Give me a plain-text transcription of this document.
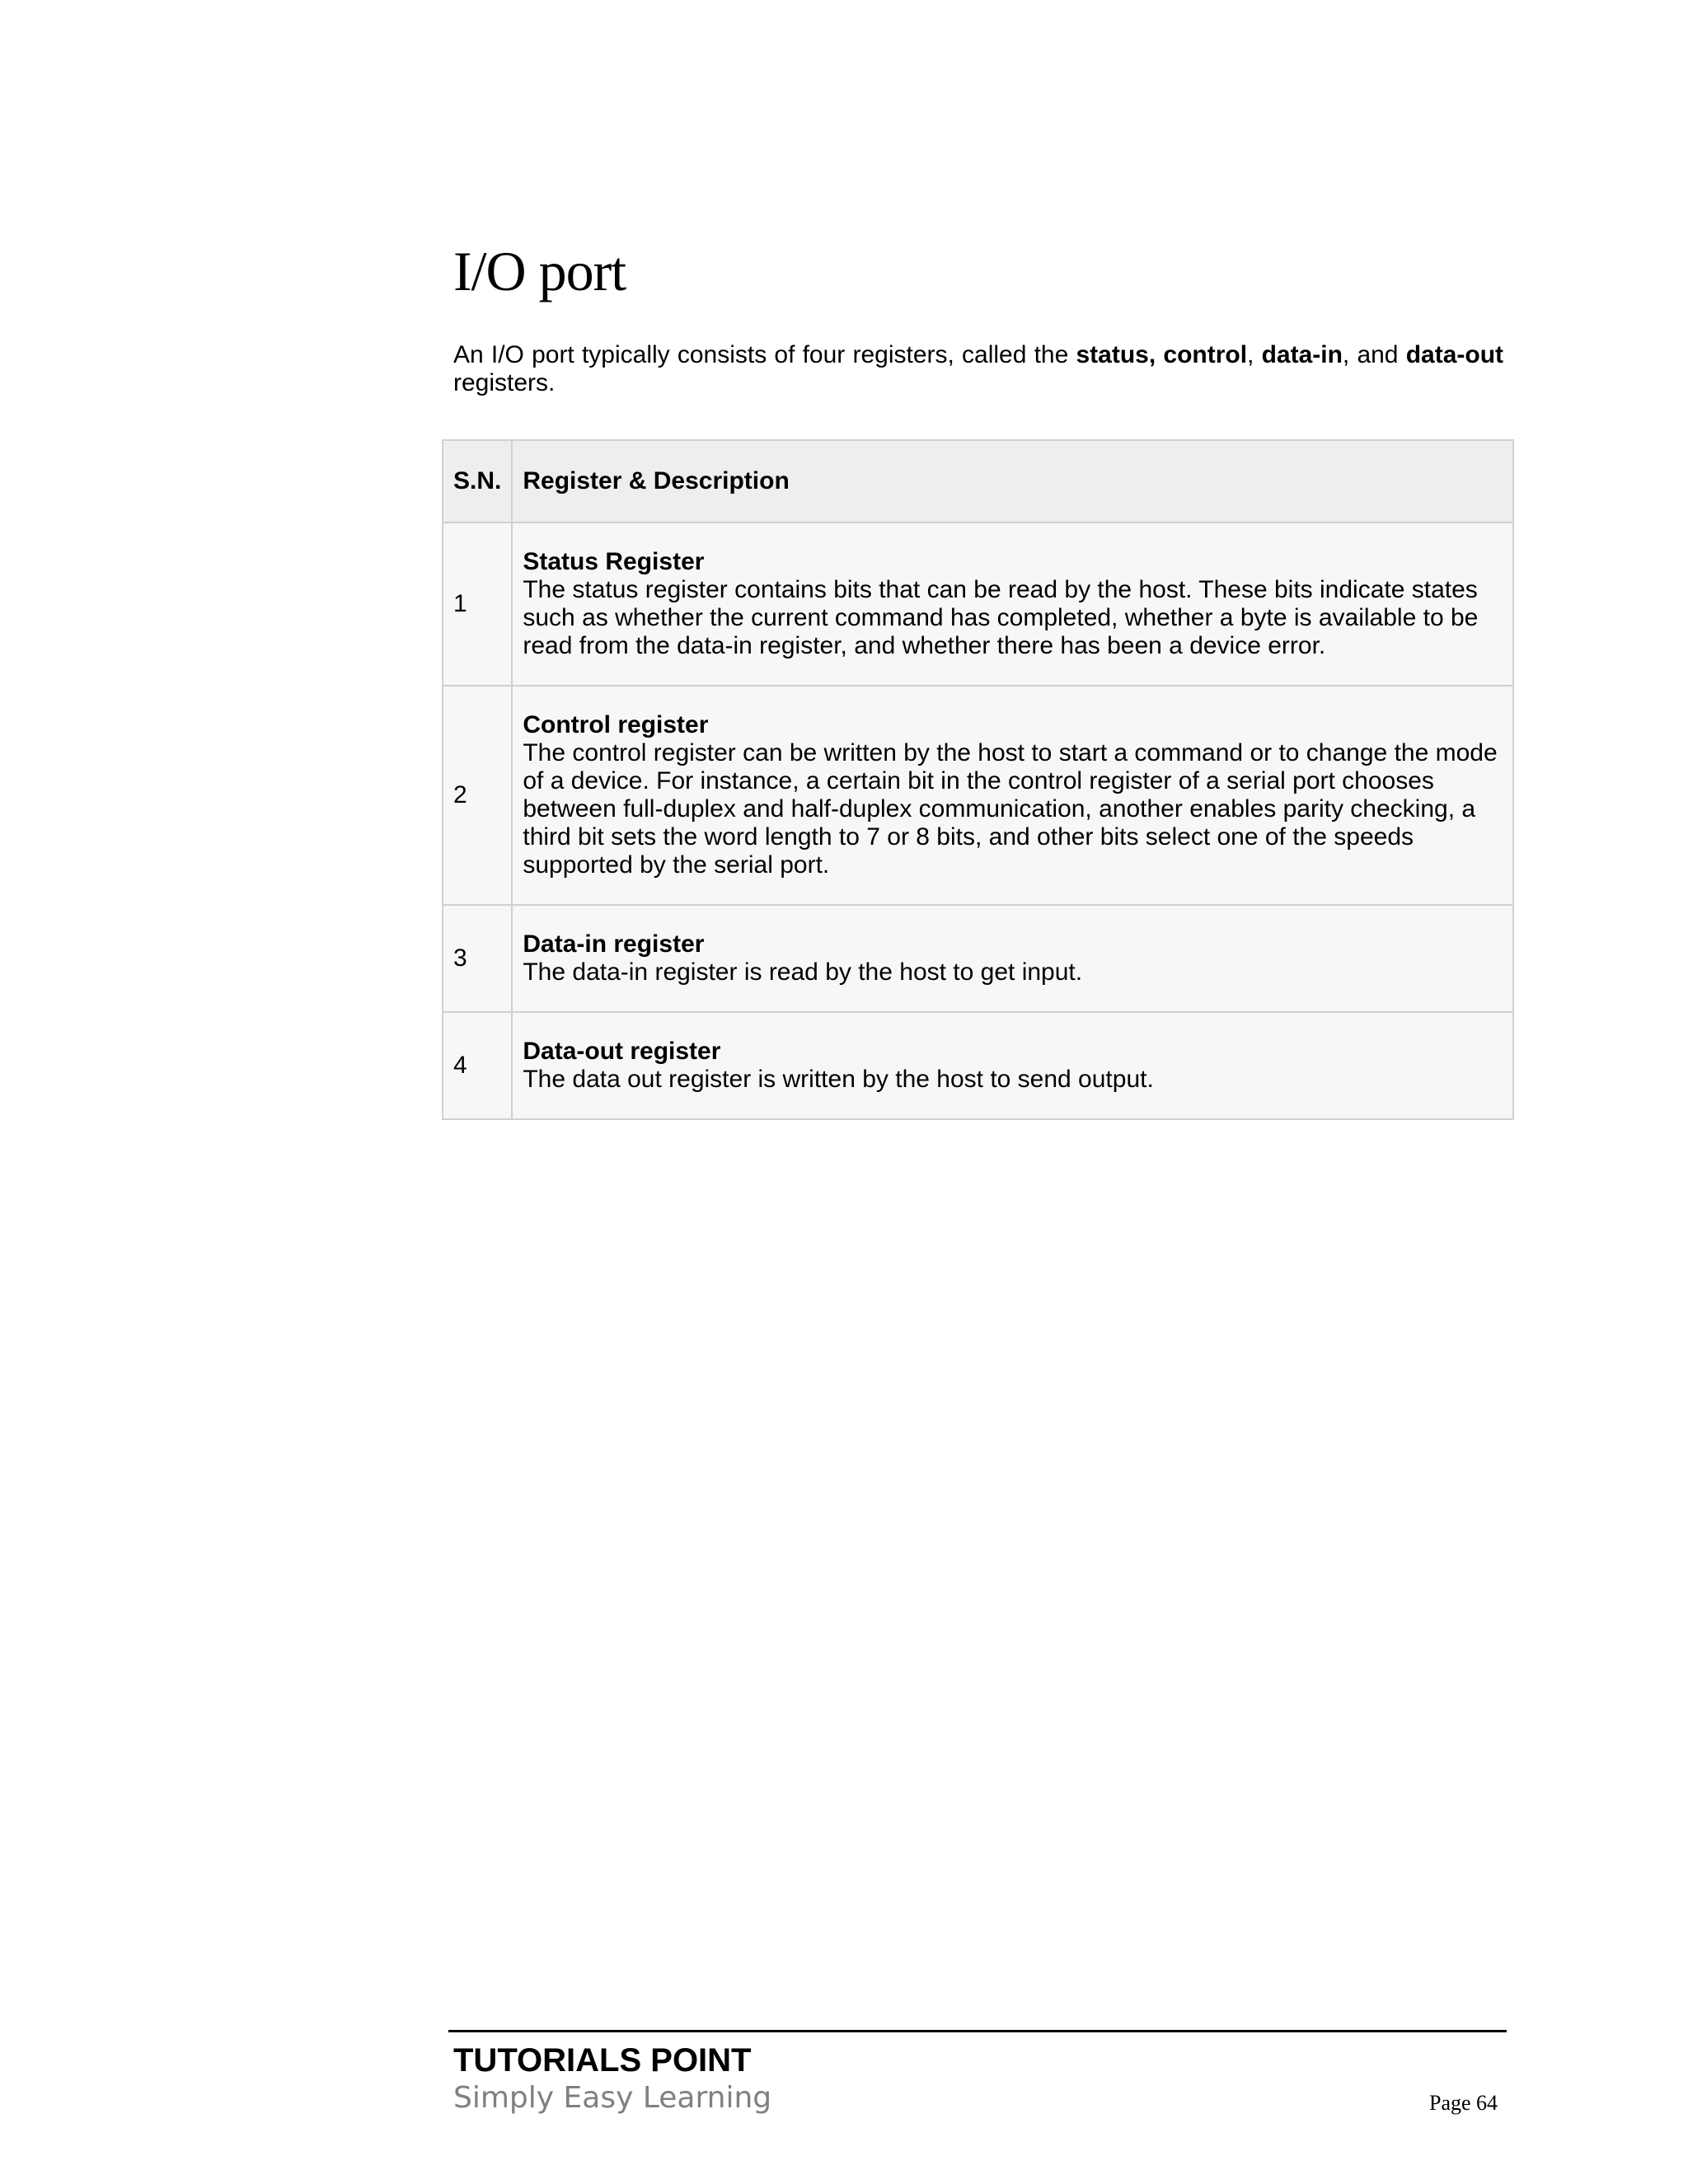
I/O port

An I/O port typically consists of four registers, called the status, control, data-in, and data-out registers.

S.N.	Register & Description
1	Status Register
The status register contains bits that can be read by the host. These bits indicate states such as whether the current command has completed, whether a byte is available to be read from the data-in register, and whether there has been a device error.

2	Control register
The control register can be written by the host to start a command or to change the mode of a device. For instance, a certain bit in the control register of a serial port chooses between full-duplex and half-duplex communication, another enables parity checking, a third bit sets the word length to 7 or 8 bits, and other bits select one of the speeds supported by the serial port.

3	Data-in register
The data-in register is read by the host to get input.

4	Data-out register
The data out register is written by the host to send output.
TUTORIALS POINT
Simply Easy Learning	Page 64
